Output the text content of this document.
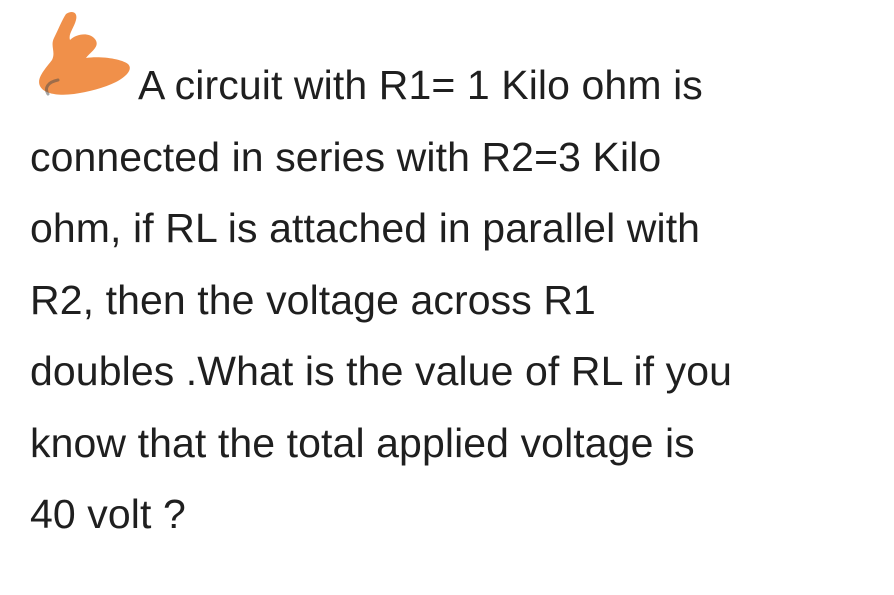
A circuit with R1= 1 Kilo ohm is
connected in series with R2=3 Kilo
ohm, if RL is attached in parallel with
R2, then the voltage across R1
doubles .What is the value of RL if you
know that the total applied voltage is
40 volt ?
